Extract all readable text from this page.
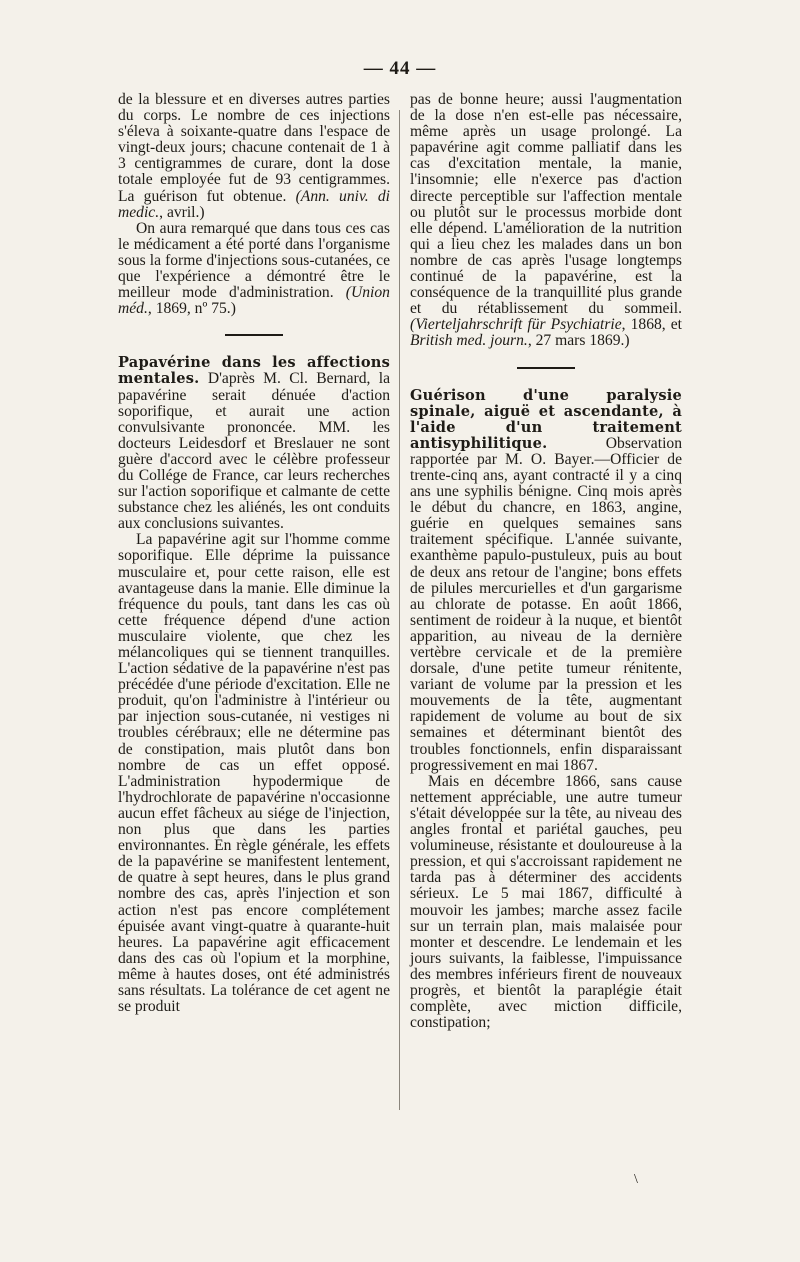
— 44 —

de la blessure et en diverses autres parties du corps. Le nombre de ces injections s'éleva à soixante-quatre dans l'espace de vingt-deux jours; chacune contenait de 1 à 3 centigrammes de curare, dont la dose totale employée fut de 93 centigrammes. La guérison fut obtenue. (Ann. univ. di medic., avril.)

On aura remarqué que dans tous ces cas le médicament a été porté dans l'organisme sous la forme d'injections sous-cutanées, ce que l'expérience a démontré être le meilleur mode d'administration. (Union méd., 1869, nº 75.)

Papavérine dans les affections mentales. D'après M. Cl. Bernard, la papavérine serait dénuée d'action soporifique, et aurait une action convulsivante prononcée. MM. les docteurs Leidesdorf et Breslauer ne sont guère d'accord avec le célèbre professeur du Collége de France, car leurs recherches sur l'action soporifique et calmante de cette substance chez les aliénés, les ont conduits aux conclusions suivantes.

La papavérine agit sur l'homme comme soporifique. Elle déprime la puissance musculaire et, pour cette raison, elle est avantageuse dans la manie. Elle diminue la fréquence du pouls, tant dans les cas où cette fréquence dépend d'une action musculaire violente, que chez les mélancoliques qui se tiennent tranquilles. L'action sédative de la papavérine n'est pas précédée d'une période d'excitation. Elle ne produit, qu'on l'administre à l'intérieur ou par injection sous-cutanée, ni vestiges ni troubles cérébraux; elle ne détermine pas de constipation, mais plutôt dans bon nombre de cas un effet opposé. L'administration hypodermique de l'hydrochlorate de papavérine n'occasionne aucun effet fâcheux au siége de l'injection, non plus que dans les parties environnantes. En règle générale, les effets de la papavérine se manifestent lentement, de quatre à sept heures, dans le plus grand nombre des cas, après l'injection et son action n'est pas encore complétement épuisée avant vingt-quatre à quarante-huit heures. La papavérine agit efficacement dans des cas où l'opium et la morphine, même à hautes doses, ont été administrés sans résultats. La tolérance de cet agent ne se produit

pas de bonne heure; aussi l'augmentation de la dose n'en est-elle pas nécessaire, même après un usage prolongé. La papavérine agit comme palliatif dans les cas d'excitation mentale, la manie, l'insomnie; elle n'exerce pas d'action directe perceptible sur l'affection mentale ou plutôt sur le processus morbide dont elle dépend. L'amélioration de la nutrition qui a lieu chez les malades dans un bon nombre de cas après l'usage longtemps continué de la papavérine, est la conséquence de la tranquillité plus grande et du rétablissement du sommeil. (Vierteljahrschrift für Psychiatrie, 1868, et British med. journ., 27 mars 1869.)

Guérison d'une paralysie spinale, aiguë et ascendante, à l'aide d'un traitement antisyphilitique. Observation rapportée par M. O. Bayer.—Officier de trente-cinq ans, ayant contracté il y a cinq ans une syphilis bénigne. Cinq mois après le début du chancre, en 1863, angine, guérie en quelques semaines sans traitement spécifique. L'année suivante, exanthème papulo-pustuleux, puis au bout de deux ans retour de l'angine; bons effets de pilules mercurielles et d'un gargarisme au chlorate de potasse. En août 1866, sentiment de roideur à la nuque, et bientôt apparition, au niveau de la dernière vertèbre cervicale et de la première dorsale, d'une petite tumeur rénitente, variant de volume par la pression et les mouvements de la tête, augmentant rapidement de volume au bout de six semaines et déterminant bientôt des troubles fonctionnels, enfin disparaissant progressivement en mai 1867.

Mais en décembre 1866, sans cause nettement appréciable, une autre tumeur s'était développée sur la tête, au niveau des angles frontal et pariétal gauches, peu volumineuse, résistante et douloureuse à la pression, et qui s'accroissant rapidement ne tarda pas à déterminer des accidents sérieux. Le 5 mai 1867, difficulté à mouvoir les jambes; marche assez facile sur un terrain plan, mais malaisée pour monter et descendre. Le lendemain et les jours suivants, la faiblesse, l'impuissance des membres inférieurs firent de nouveaux progrès, et bientôt la paraplégie était complète, avec miction difficile, constipation;

\
